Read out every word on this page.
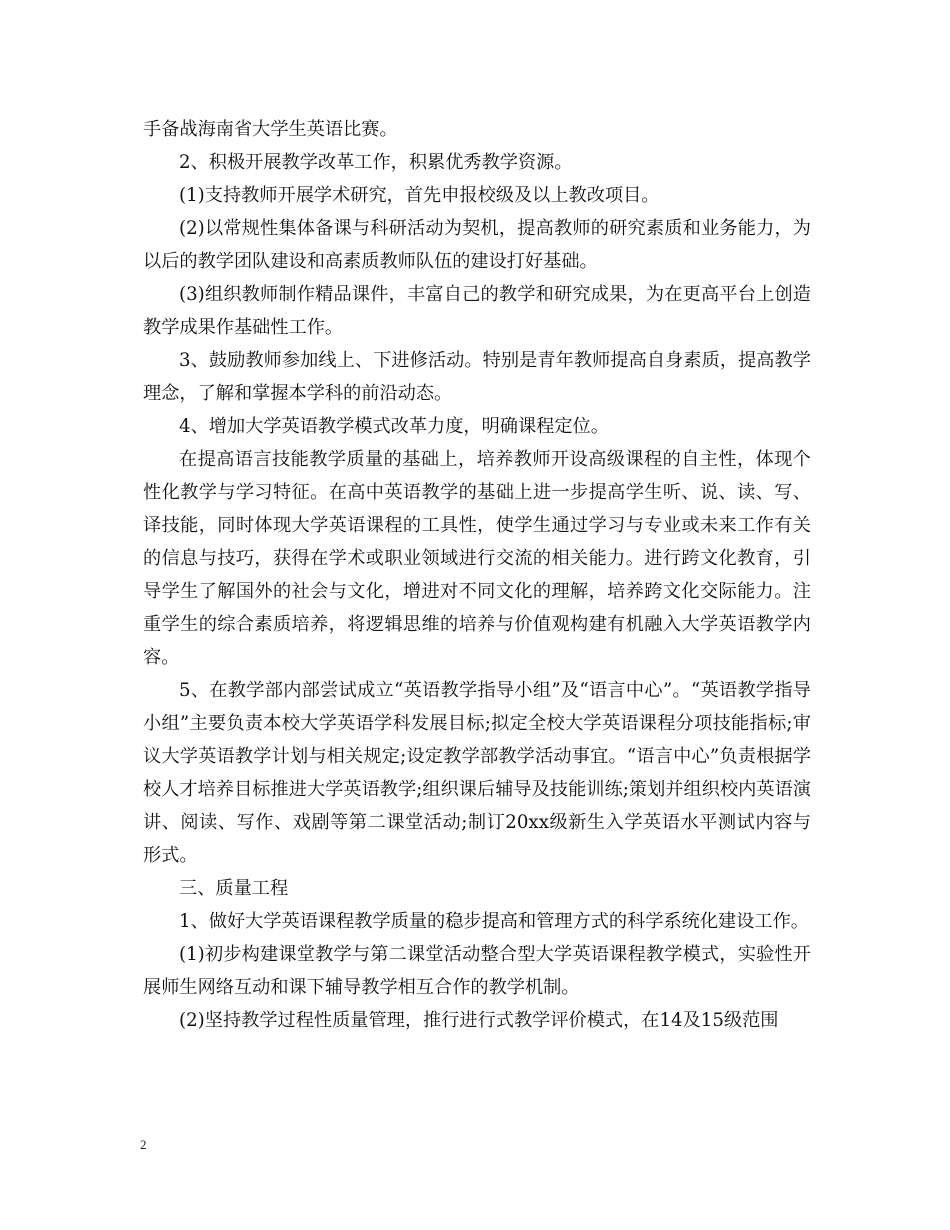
手备战海南省大学生英语比赛。

2、积极开展教学改革工作，积累优秀教学资源。

(1)支持教师开展学术研究，首先申报校级及以上教改项目。

(2)以常规性集体备课与科研活动为契机，提高教师的研究素质和业务能力，为以后的教学团队建设和高素质教师队伍的建设打好基础。

(3)组织教师制作精品课件，丰富自己的教学和研究成果，为在更高平台上创造教学成果作基础性工作。

3、鼓励教师参加线上、下进修活动。特别是青年教师提高自身素质，提高教学理念，了解和掌握本学科的前沿动态。

4、增加大学英语教学模式改革力度，明确课程定位。

在提高语言技能教学质量的基础上，培养教师开设高级课程的自主性，体现个性化教学与学习特征。在高中英语教学的基础上进一步提高学生听、说、读、写、译技能，同时体现大学英语课程的工具性，使学生通过学习与专业或未来工作有关的信息与技巧，获得在学术或职业领域进行交流的相关能力。进行跨文化教育，引导学生了解国外的社会与文化，增进对不同文化的理解，培养跨文化交际能力。注重学生的综合素质培养，将逻辑思维的培养与价值观构建有机融入大学英语教学内容。

5、在教学部内部尝试成立“英语教学指导小组”及“语言中心”。“英语教学指导小组”主要负责本校大学英语学科发展目标;拟定全校大学英语课程分项技能指标;审议大学英语教学计划与相关规定;设定教学部教学活动事宜。“语言中心”负责根据学校人才培养目标推进大学英语教学;组织课后辅导及技能训练;策划并组织校内英语演讲、阅读、写作、戏剧等第二课堂活动;制订20xx级新生入学英语水平测试内容与形式。

三、质量工程

1、做好大学英语课程教学质量的稳步提高和管理方式的科学系统化建设工作。

(1)初步构建课堂教学与第二课堂活动整合型大学英语课程教学模式，实验性开展师生网络互动和课下辅导教学相互合作的教学机制。

(2)坚持教学过程性质量管理，推行进行式教学评价模式，在14及15级范围

2
